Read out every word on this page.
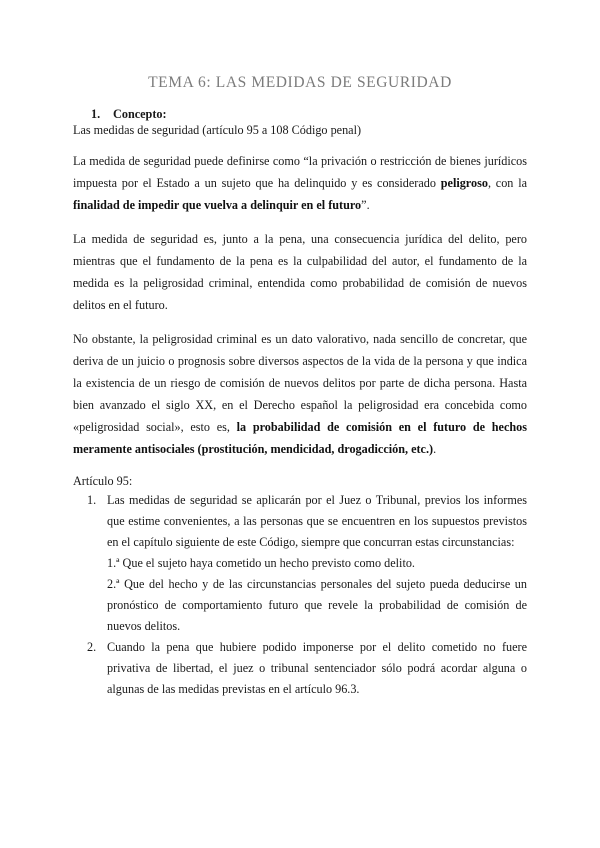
TEMA 6: LAS MEDIDAS DE SEGURIDAD
1. Concepto:
Las medidas de seguridad (artículo 95 a 108 Código penal)

La medida de seguridad puede definirse como “la privación o restricción de bienes jurídicos impuesta por el Estado a un sujeto que ha delinquido y es considerado peligroso, con la finalidad de impedir que vuelva a delinquir en el futuro”.

La medida de seguridad es, junto a la pena, una consecuencia jurídica del delito, pero mientras que el fundamento de la pena es la culpabilidad del autor, el fundamento de la medida es la peligrosidad criminal, entendida como probabilidad de comisión de nuevos delitos en el futuro.

No obstante, la peligrosidad criminal es un dato valorativo, nada sencillo de concretar, que deriva de un juicio o prognosis sobre diversos aspectos de la vida de la persona y que indica la existencia de un riesgo de comisión de nuevos delitos por parte de dicha persona. Hasta bien avanzado el siglo XX, en el Derecho español la peligrosidad era concebida como «peligrosidad social», esto es, la probabilidad de comisión en el futuro de hechos meramente antisociales (prostitución, mendicidad, drogadicción, etc.).

Artículo 95:
1. Las medidas de seguridad se aplicarán por el Juez o Tribunal, previos los informes que estime convenientes, a las personas que se encuentren en los supuestos previstos en el capítulo siguiente de este Código, siempre que concurran estas circunstancias:
1.ª Que el sujeto haya cometido un hecho previsto como delito.
2.ª Que del hecho y de las circunstancias personales del sujeto pueda deducirse un pronóstico de comportamiento futuro que revele la probabilidad de comisión de nuevos delitos.
2. Cuando la pena que hubiere podido imponerse por el delito cometido no fuere privativa de libertad, el juez o tribunal sentenciador sólo podrá acordar alguna o algunas de las medidas previstas en el artículo 96.3.
